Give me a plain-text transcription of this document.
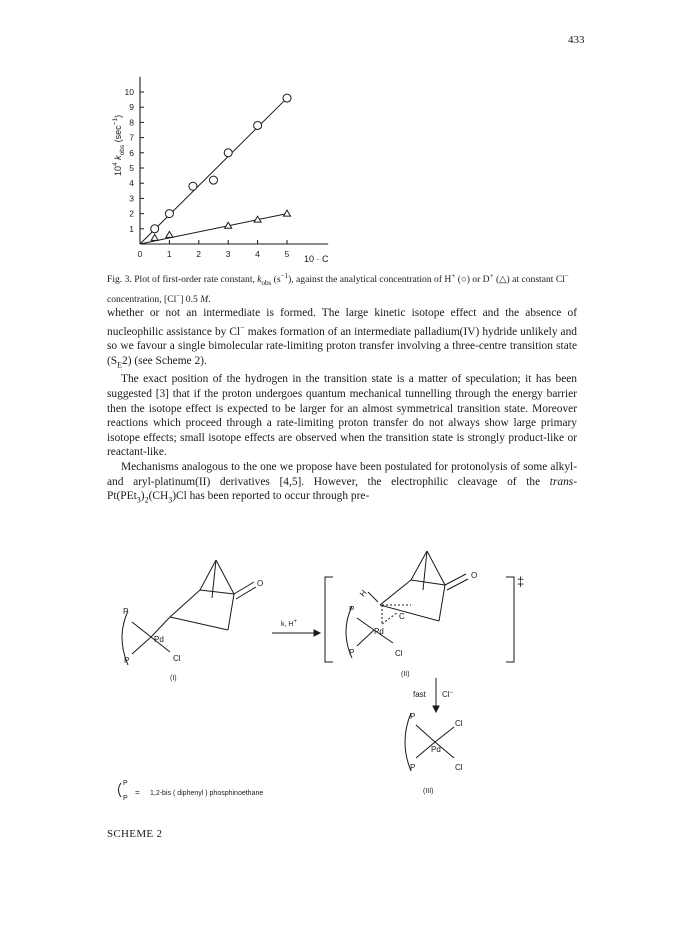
433
0	1	2	3	4	5
1
2
3
4
5
6
7
8
9
10
10 · C
$10^4$ $k_{obs}$ $(\sec^{-1})$
Fig. 3. Plot of first-order rate constant, $k_{obs}$ $(s^{-1})$, against the analytical concentration of H+ (○) or D+ (△) at constant Cl− concentration, [Cl−] 0.5 M.

whether or not an intermediate is formed. The large kinetic isotope effect and the absence of nucleophilic assistance by Cl− makes formation of an intermediate palladium(IV) hydride unlikely and so we favour a single bimolecular rate-limiting proton transfer involving a three-centre transition state $(S_E2)$ (see Scheme 2).

The exact position of the hydrogen in the transition state is a matter of speculation; it has been suggested [3] that if the proton undergoes quantum mechanical tunnelling through the energy barrier then the isotope effect is expected to be larger for an almost symmetrical transition state. Moreover reactions which proceed through a rate-limiting proton transfer do not always show large primary isotope effects; small isotope effects are observed when the transition state is strongly product-like or reactant-like.

Mechanisms analogous to the one we propose have been postulated for protonolysis of some alkyl- and aryl-platinum(II) derivatives [4,5]. However, the electrophilic cleavage of the trans-$Pt(PEt_3)_2(CH_3)Cl$ has been reported to occur through pre-

P
Pd
P	Cl
O
(I)
k, H+
P
Pd
P	Cl
H
C
O	‡
(II)
fast Cl−
P
Cl
Pd
P	Cl
(III)
P
P
= 1,2-bis ( diphenyl ) phosphinoethane
SCHEME 2
